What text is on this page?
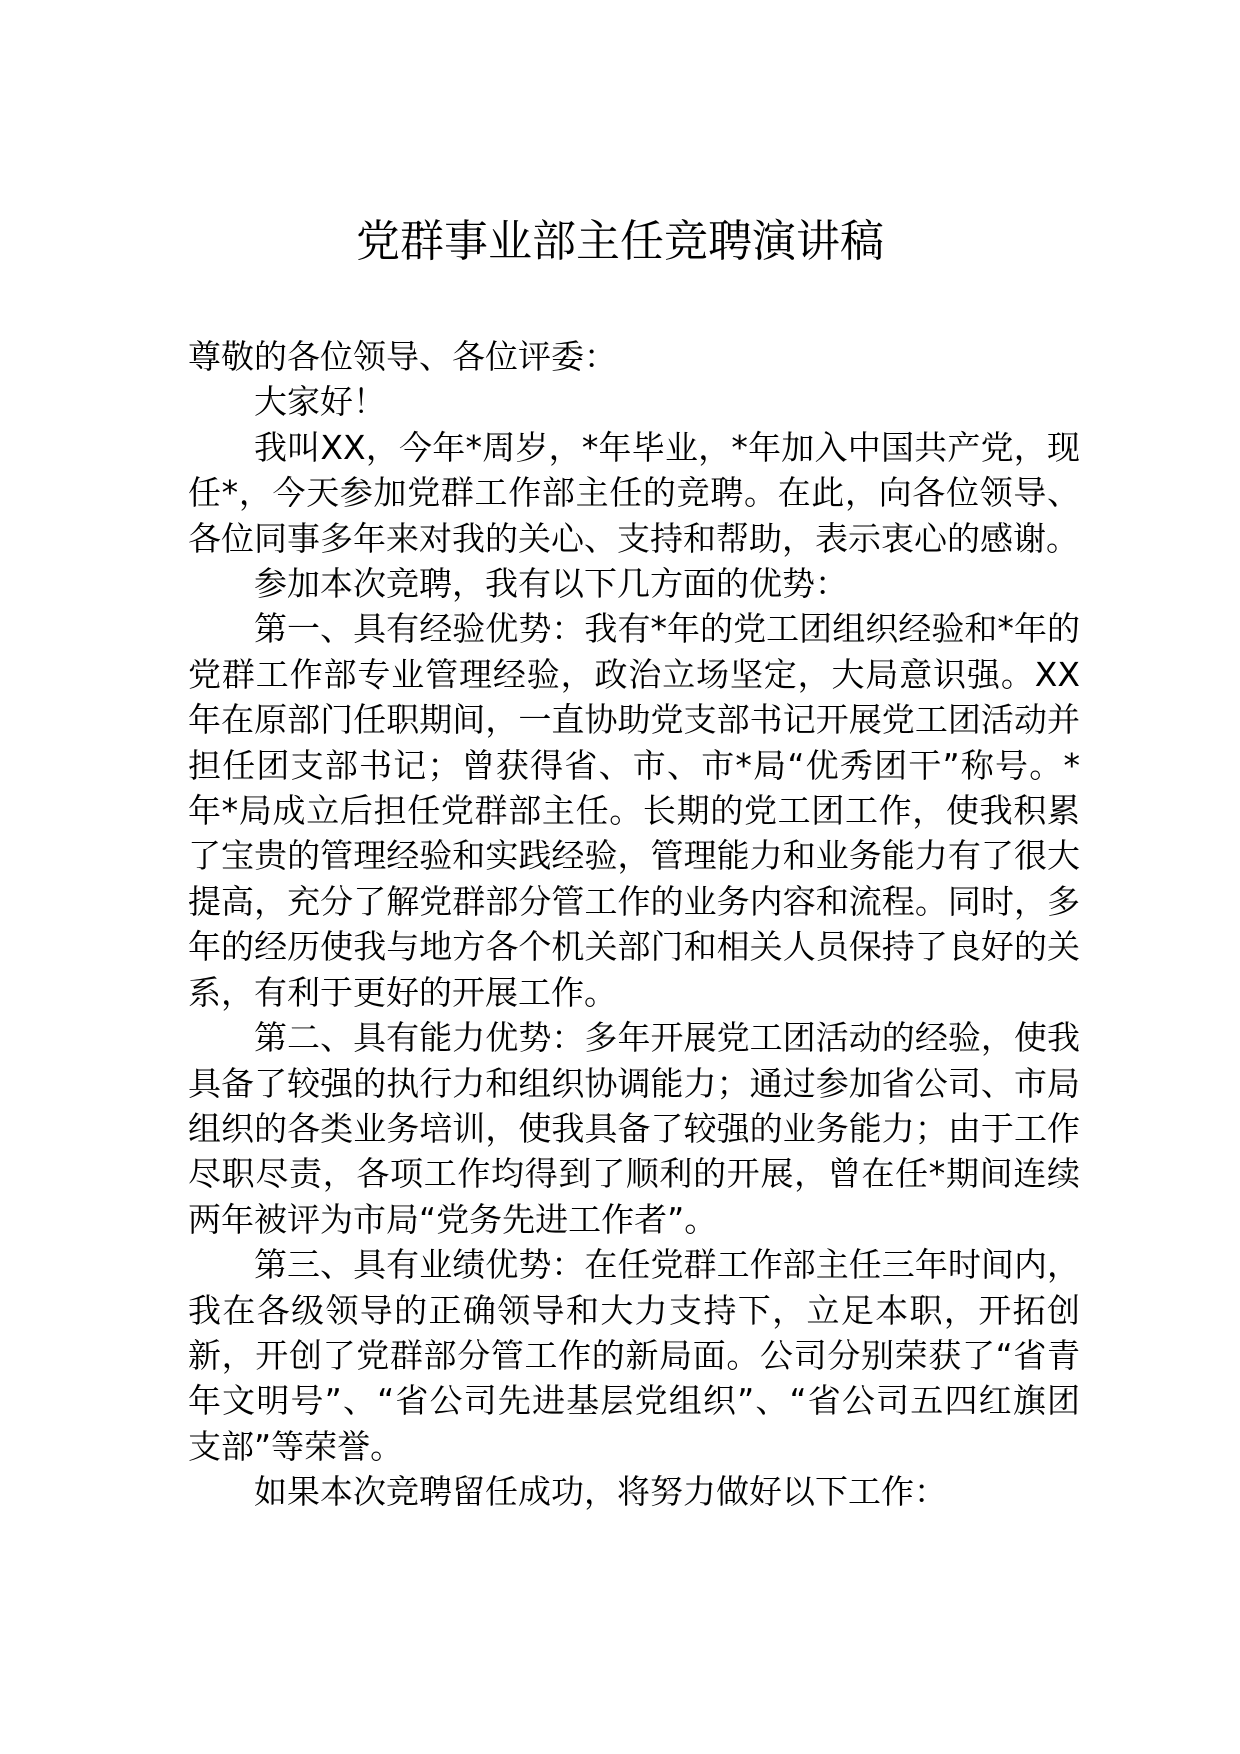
党群事业部主任竞聘演讲稿

尊敬的各位领导、各位评委：

大家好！

我叫XX，今年*周岁，*年毕业，*年加入中国共产党，现任*，今天参加党群工作部主任的竞聘。在此，向各位领导、各位同事多年来对我的关心、支持和帮助，表示衷心的感谢。

参加本次竞聘，我有以下几方面的优势：

第一、具有经验优势：我有*年的党工团组织经验和*年的党群工作部专业管理经验，政治立场坚定，大局意识强。XX年在原部门任职期间，一直协助党支部书记开展党工团活动并担任团支部书记；曾获得省、市、市*局“优秀团干”称号。*年*局成立后担任党群部主任。长期的党工团工作，使我积累了宝贵的管理经验和实践经验，管理能力和业务能力有了很大提高，充分了解党群部分管工作的业务内容和流程。同时，多年的经历使我与地方各个机关部门和相关人员保持了良好的关系，有利于更好的开展工作。

第二、具有能力优势：多年开展党工团活动的经验，使我具备了较强的执行力和组织协调能力；通过参加省公司、市局组织的各类业务培训，使我具备了较强的业务能力；由于工作尽职尽责，各项工作均得到了顺利的开展，曾在任*期间连续两年被评为市局“党务先进工作者”。

第三、具有业绩优势：在任党群工作部主任三年时间内，我在各级领导的正确领导和大力支持下，立足本职，开拓创新，开创了党群部分管工作的新局面。公司分别荣获了“省青年文明号”、“省公司先进基层党组织”、“省公司五四红旗团支部”等荣誉。

如果本次竞聘留任成功，将努力做好以下工作：
